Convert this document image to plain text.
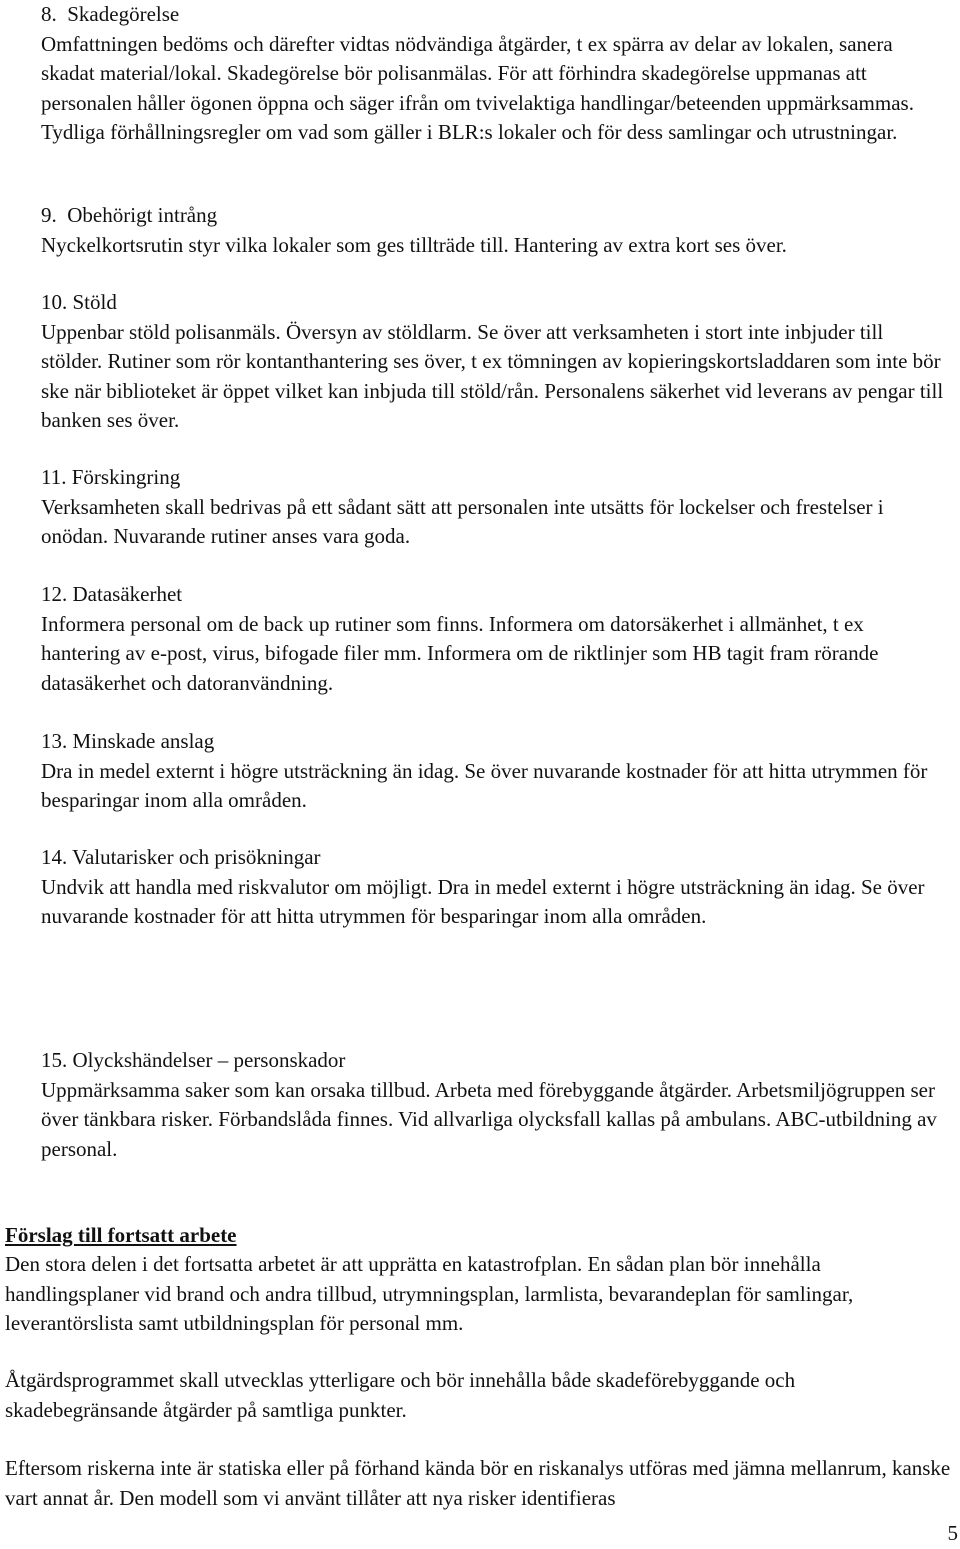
8.  Skadegörelse
Omfattningen bedöms och därefter vidtas nödvändiga åtgärder, t ex spärra av delar av lokalen, sanera skadat material/lokal. Skadegörelse bör polisanmälas. För att förhindra skadegörelse uppmanas att personalen håller ögonen öppna och säger ifrån om tvivelaktiga handlingar/beteenden uppmärksammas. Tydliga förhållningsregler om vad som gäller i BLR:s lokaler och för dess samlingar och utrustningar.
9.  Obehörigt intrång
Nyckelkortsrutin styr vilka lokaler som ges tillträde till. Hantering av extra kort ses över.
10. Stöld
Uppenbar stöld polisanmäls. Översyn av stöldlarm. Se över att verksamheten i stort inte inbjuder till stölder. Rutiner som rör kontanthantering ses över, t ex tömningen av kopieringskortsladdaren som inte bör ske när biblioteket är öppet vilket kan inbjuda till stöld/rån. Personalens säkerhet vid leverans av pengar till banken ses över.
11. Förskingring
Verksamheten skall bedrivas på ett sådant sätt att personalen inte utsätts för lockelser och frestelser i onödan. Nuvarande rutiner anses vara goda.
12. Datasäkerhet
Informera personal om de back up rutiner som finns. Informera om datorsäkerhet i allmänhet, t ex hantering av e-post, virus, bifogade filer mm. Informera om de riktlinjer som HB tagit fram rörande datasäkerhet och datoranvändning.
13. Minskade anslag
Dra in medel externt i högre utsträckning än idag. Se över nuvarande kostnader för att hitta utrymmen för besparingar inom alla områden.
14. Valutarisker och prisökningar
Undvik att handla med riskvalutor om möjligt. Dra in medel externt i högre utsträckning än idag. Se över nuvarande kostnader för att hitta utrymmen för besparingar inom alla områden.
15. Olyckshändelser – personskador
Uppmärksamma saker som kan orsaka tillbud. Arbeta med förebyggande åtgärder. Arbetsmiljögruppen ser över tänkbara risker. Förbandslåda finnes. Vid allvarliga olycksfall kallas på ambulans. ABC-utbildning av personal.
Förslag till fortsatt arbete
Den stora delen i det fortsatta arbetet är att upprätta en katastrofplan. En sådan plan bör innehålla handlingsplaner vid brand och andra tillbud, utrymningsplan, larmlista, bevarandeplan för samlingar, leverantörslista samt utbildningsplan för personal mm.
Åtgärdsprogrammet skall utvecklas ytterligare och bör innehålla både skadeförebyggande och skadebegränsande åtgärder på samtliga punkter.
Eftersom riskerna inte är statiska eller på förhand kända bör en riskanalys utföras med jämna mellanrum, kanske vart annat år. Den modell som vi använt tillåter att nya risker identifieras
5
